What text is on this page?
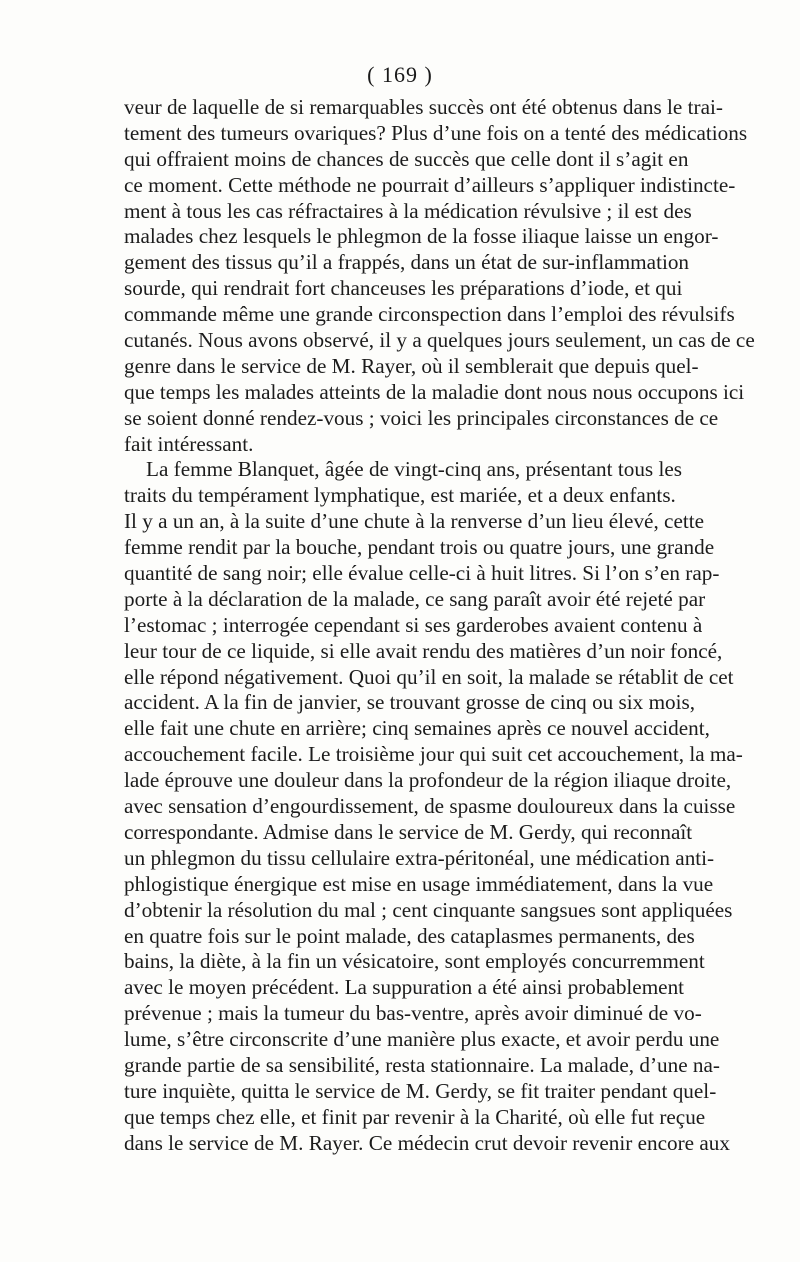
( 169 )
veur de laquelle de si remarquables succès ont été obtenus dans le trai-
tement des tumeurs ovariques? Plus d’une fois on a tenté des médications
qui offraient moins de chances de succès que celle dont il s’agit en
ce moment. Cette méthode ne pourrait d’ailleurs s’appliquer indistincte-
ment à tous les cas réfractaires à la médication révulsive ; il est des
malades chez lesquels le phlegmon de la fosse iliaque laisse un engor-
gement des tissus qu’il a frappés, dans un état de sur-inflammation
sourde, qui rendrait fort chanceuses les préparations d’iode, et qui
commande même une grande circonspection dans l’emploi des révulsifs
cutanés. Nous avons observé, il y a quelques jours seulement, un cas de ce
genre dans le service de M. Rayer, où il semblerait que depuis quel-
que temps les malades atteints de la maladie dont nous nous occupons ici
se soient donné rendez-vous ; voici les principales circonstances de ce
fait intéressant.
La femme Blanquet, âgée de vingt-cinq ans, présentant tous les
traits du tempérament lymphatique, est mariée, et a deux enfants.
Il y a un an, à la suite d’une chute à la renverse d’un lieu élevé, cette
femme rendit par la bouche, pendant trois ou quatre jours, une grande
quantité de sang noir; elle évalue celle-ci à huit litres. Si l’on s’en rap-
porte à la déclaration de la malade, ce sang paraît avoir été rejeté par
l’estomac ; interrogée cependant si ses garderobes avaient contenu à
leur tour de ce liquide, si elle avait rendu des matières d’un noir foncé,
elle répond négativement. Quoi qu’il en soit, la malade se rétablit de cet
accident. A la fin de janvier, se trouvant grosse de cinq ou six mois,
elle fait une chute en arrière; cinq semaines après ce nouvel accident,
accouchement facile. Le troisième jour qui suit cet accouchement, la ma-
lade éprouve une douleur dans la profondeur de la région iliaque droite,
avec sensation d’engourdissement, de spasme douloureux dans la cuisse
correspondante. Admise dans le service de M. Gerdy, qui reconnaît
un phlegmon du tissu cellulaire extra-péritonéal, une médication anti-
phlogistique énergique est mise en usage immédiatement, dans la vue
d’obtenir la résolution du mal ; cent cinquante sangsues sont appliquées
en quatre fois sur le point malade, des cataplasmes permanents, des
bains, la diète, à la fin un vésicatoire, sont employés concurremment
avec le moyen précédent. La suppuration a été ainsi probablement
prévenue ; mais la tumeur du bas-ventre, après avoir diminué de vo-
lume, s’être circonscrite d’une manière plus exacte, et avoir perdu une
grande partie de sa sensibilité, resta stationnaire. La malade, d’une na-
ture inquiète, quitta le service de M. Gerdy, se fit traiter pendant quel-
que temps chez elle, et finit par revenir à la Charité, où elle fut reçue
dans le service de M. Rayer. Ce médecin crut devoir revenir encore aux
